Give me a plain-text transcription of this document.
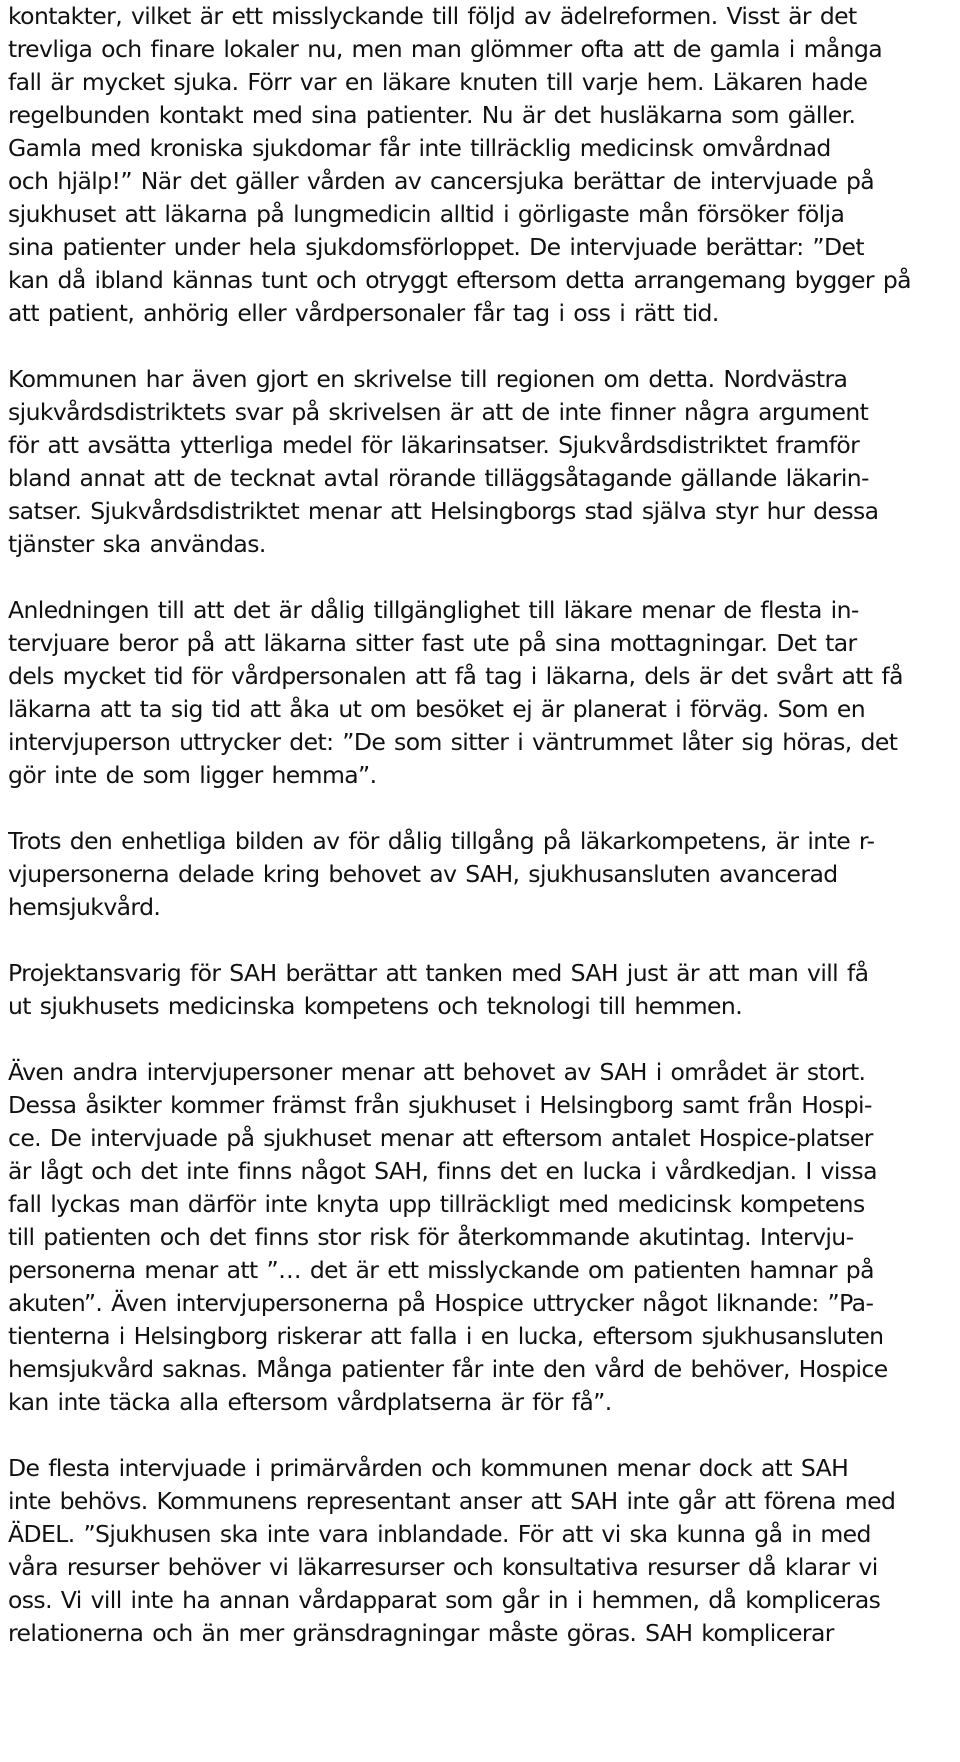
kontakter, vilket är ett misslyckande till följd av ädelreformen. Visst är det
trevliga och finare lokaler nu, men man glömmer ofta att de gamla i många
fall är mycket sjuka. Förr var en läkare knuten till varje hem. Läkaren hade
regelbunden kontakt med sina patienter. Nu är det husläkarna som gäller.
Gamla med kroniska sjukdomar får inte tillräcklig medicinsk omvårdnad
och hjälp!” När det gäller vården av cancersjuka berättar de intervjuade på
sjukhuset att läkarna på lungmedicin alltid i görligaste mån försöker följa
sina patienter under hela sjukdomsförloppet. De intervjuade berättar: ”Det
kan då ibland kännas tunt och otryggt eftersom detta arrangemang bygger på
att patient, anhörig eller vårdpersonaler får tag i oss i rätt tid.
Kommunen har även gjort en skrivelse till regionen om detta. Nordvästra
sjukvårdsdistriktets svar på skrivelsen är att de inte finner några argument
för att avsätta ytterliga medel för läkarinsatser. Sjukvårdsdistriktet framför
bland annat att de tecknat avtal rörande tilläggsåtagande gällande läkarin-
satser. Sjukvårdsdistriktet menar att Helsingborgs stad själva styr hur dessa
tjänster ska användas.
Anledningen till att det är dålig tillgänglighet till läkare menar de flesta in-
tervjuare beror på att läkarna sitter fast ute på sina mottagningar. Det tar
dels mycket tid för vårdpersonalen att få tag i läkarna, dels är det svårt att få
läkarna att ta sig tid att åka ut om besöket ej är planerat i förväg. Som en
intervjuperson uttrycker det: ”De som sitter i väntrummet låter sig höras, det
gör inte de som ligger hemma”.
Trots den enhetliga bilden av för dålig tillgång på läkarkompetens, är inte r-
vjupersonerna delade kring behovet av SAH, sjukhusansluten avancerad
hemsjukvård.
Projektansvarig för SAH berättar att tanken med SAH just är att man vill få
ut sjukhusets medicinska kompetens och teknologi till hemmen.
Även andra intervjupersoner menar att behovet av SAH i området är stort.
Dessa åsikter kommer främst från sjukhuset i Helsingborg samt från Hospi-
ce. De intervjuade på sjukhuset menar att eftersom antalet Hospice-platser
är lågt och det inte finns något SAH, finns det en lucka i vårdkedjan. I vissa
fall lyckas man därför inte knyta upp tillräckligt med medicinsk kompetens
till patienten och det finns stor risk för återkommande akutintag. Intervju-
personerna menar att ”… det är ett misslyckande om patienten hamnar på
akuten”. Även intervjupersonerna på Hospice uttrycker något liknande: ”Pa-
tienterna i Helsingborg riskerar att falla i en lucka, eftersom sjukhusansluten
hemsjukvård saknas. Många patienter får inte den vård de behöver, Hospice
kan inte täcka alla eftersom vårdplatserna är för få”.
De flesta intervjuade i primärvården och kommunen menar dock att SAH
inte behövs. Kommunens representant anser att SAH inte går att förena med
ÄDEL. ”Sjukhusen ska inte vara inblandade. För att vi ska kunna gå in med
våra resurser behöver vi läkarresurser och konsultativa resurser då klarar vi
oss. Vi vill inte ha annan vårdapparat som går in i hemmen, då kompliceras
relationerna och än mer gränsdragningar måste göras. SAH komplicerar
